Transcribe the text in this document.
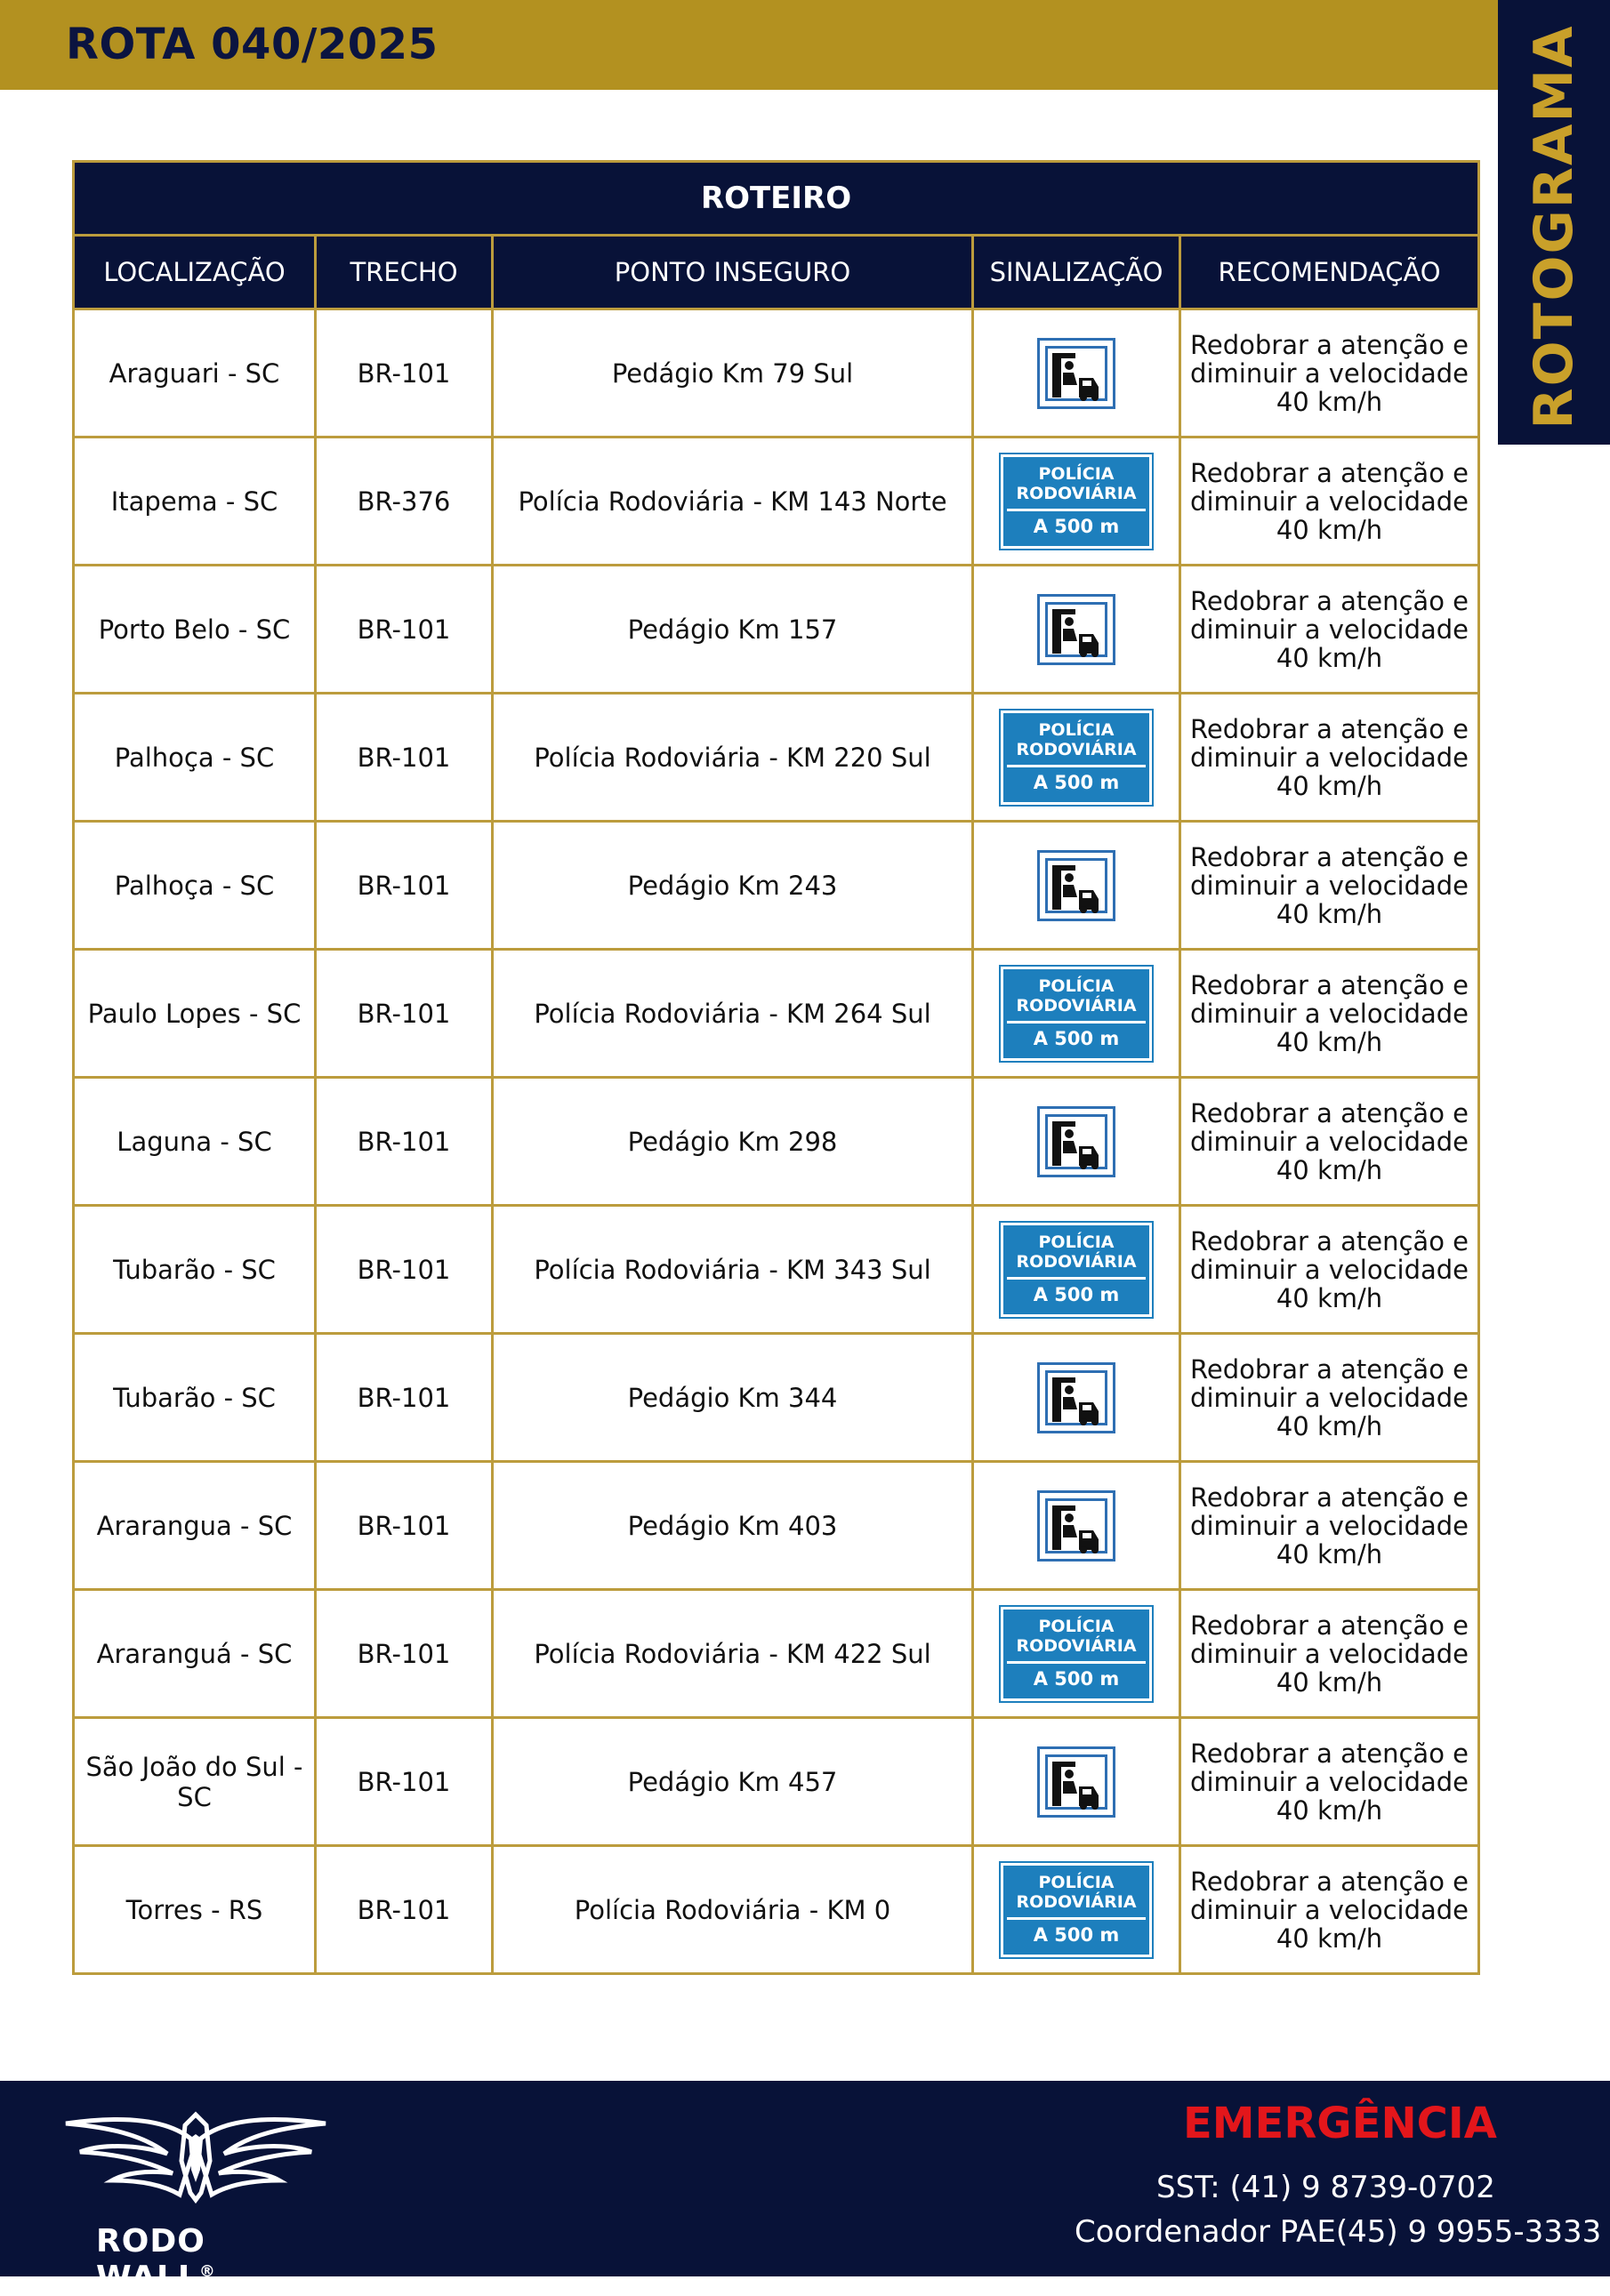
ROTA 040/2025	ROTOGRAMA
ROTEIRO				
LOCALIZAÇÃO	TRECHO	PONTO INSEGURO	SINALIZAÇÃO	RECOMENDAÇÃO
Araguari - SC	BR-101	Pedágio Km 79 Sul		Redobrar a atenção e diminuir a velocidade 40 km/h
Itapema - SC	BR-376	Polícia Rodoviária - KM 143 Norte	POLÍCIA
RODOVIÁRIA
A 500 m	Redobrar a atenção e diminuir a velocidade 40 km/h
Porto Belo - SC	BR-101	Pedágio Km 157		Redobrar a atenção e diminuir a velocidade 40 km/h
Palhoça - SC	BR-101	Polícia Rodoviária - KM 220 Sul	POLÍCIA
RODOVIÁRIA
A 500 m	Redobrar a atenção e diminuir a velocidade 40 km/h
Palhoça - SC	BR-101	Pedágio Km 243		Redobrar a atenção e diminuir a velocidade 40 km/h
Paulo Lopes - SC	BR-101	Polícia Rodoviária - KM 264 Sul	POLÍCIA
RODOVIÁRIA
A 500 m	Redobrar a atenção e diminuir a velocidade 40 km/h
Laguna - SC	BR-101	Pedágio Km 298		Redobrar a atenção e diminuir a velocidade 40 km/h
Tubarão - SC	BR-101	Polícia Rodoviária - KM 343 Sul	POLÍCIA
RODOVIÁRIA
A 500 m	Redobrar a atenção e diminuir a velocidade 40 km/h
Tubarão - SC	BR-101	Pedágio Km 344		Redobrar a atenção e diminuir a velocidade 40 km/h
Ararangua - SC	BR-101	Pedágio Km 403		Redobrar a atenção e diminuir a velocidade 40 km/h
Araranguá - SC	BR-101	Polícia Rodoviária - KM 422 Sul	POLÍCIA
RODOVIÁRIA
A 500 m	Redobrar a atenção e diminuir a velocidade 40 km/h
São João do Sul - SC	BR-101	Pedágio Km 457		Redobrar a atenção e diminuir a velocidade 40 km/h
Torres - RS	BR-101	Polícia Rodoviária - KM 0	POLÍCIA
RODOVIÁRIA
A 500 m	Redobrar a atenção e diminuir a velocidade 40 km/h
RODO WALL®
EMERGÊNCIA
SST: (41) 9 8739-0702
Coordenador PAE(45) 9 9955-3333
